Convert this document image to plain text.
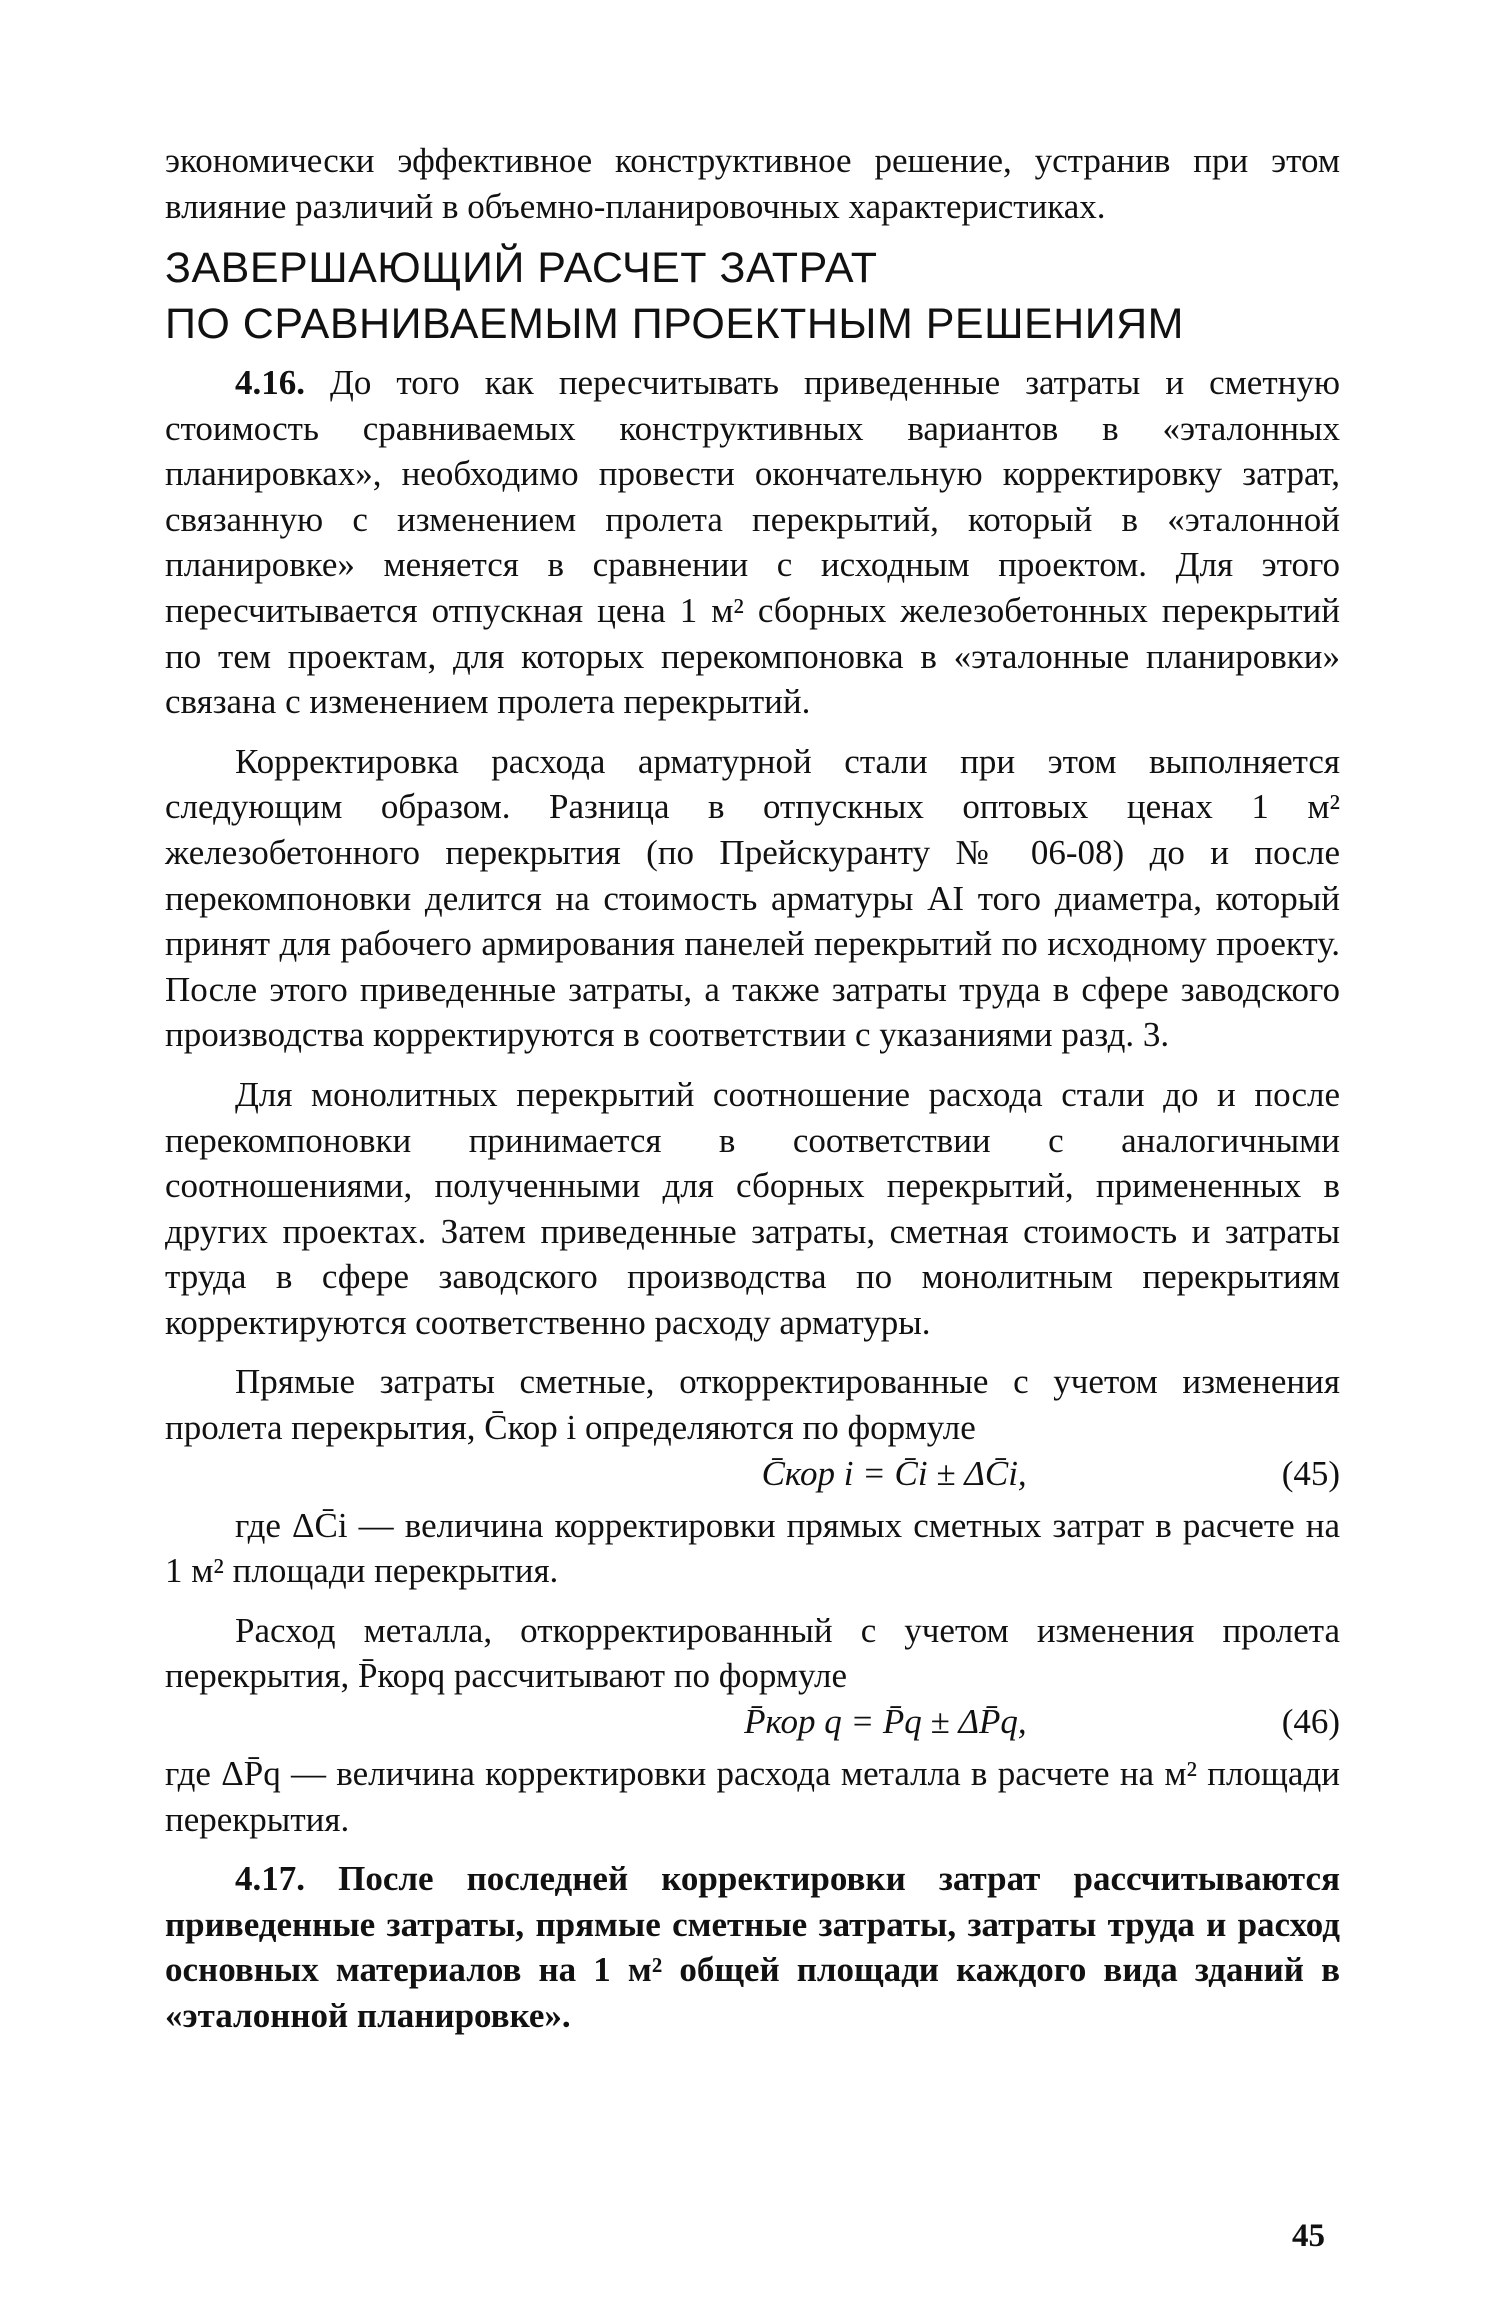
экономически эффективное конструктивное решение, устранив при этом влияние различий в объемно-планировочных характеристиках.

ЗАВЕРШАЮЩИЙ РАСЧЕТ ЗАТРАТ
ПО СРАВНИВАЕМЫМ ПРОЕКТНЫМ РЕШЕНИЯМ

4.16. До того как пересчитывать приведенные затраты и сметную стоимость сравниваемых конструктивных вариантов в «эталонных планировках», необходимо провести окончательную корректировку затрат, связанную с изменением пролета перекрытий, который в «эталонной планировке» меняется в сравнении с исходным проектом. Для этого пересчитывается отпускная цена 1 м² сборных железобетонных перекрытий по тем проектам, для которых перекомпоновка в «эталонные планировки» связана с изменением пролета перекрытий.

Корректировка расхода арматурной стали при этом выполняется следующим образом. Разница в отпускных оптовых ценах 1 м² железобетонного перекрытия (по Прейскуранту № 06-08) до и после перекомпоновки делится на стоимость арматуры AI того диаметра, который принят для рабочего армирования панелей перекрытий по исходному проекту. После этого приведенные затраты, а также затраты труда в сфере заводского производства корректируются в соответствии с указаниями разд. 3.

Для монолитных перекрытий соотношение расхода стали до и после перекомпоновки принимается в соответствии с аналогичными соотношениями, полученными для сборных перекрытий, примененных в других проектах. Затем приведенные затраты, сметная стоимость и затраты труда в сфере заводского производства по монолитным перекрытиям корректируются соответственно расходу арматуры.

Прямые затраты сметные, откорректированные с учетом изменения пролета перекрытия, C̄кор i определяются по формуле

C̄кор i = C̄i ± ΔC̄i,	(45)

где ΔC̄i — величина корректировки прямых сметных затрат в расчете на 1 м² площади перекрытия.

Расход металла, откорректированный с учетом изменения пролета перекрытия, P̄корq рассчитывают по формуле

P̄кор q = P̄q ± ΔP̄q,	(46)

где ΔP̄q — величина корректировки расхода металла в расчете на м² площади перекрытия.

4.17. После последней корректировки затрат рассчитываются приведенные затраты, прямые сметные затраты, затраты труда и расход основных материалов на 1 м² общей площади каждого вида зданий в «эталонной планировке».

45
